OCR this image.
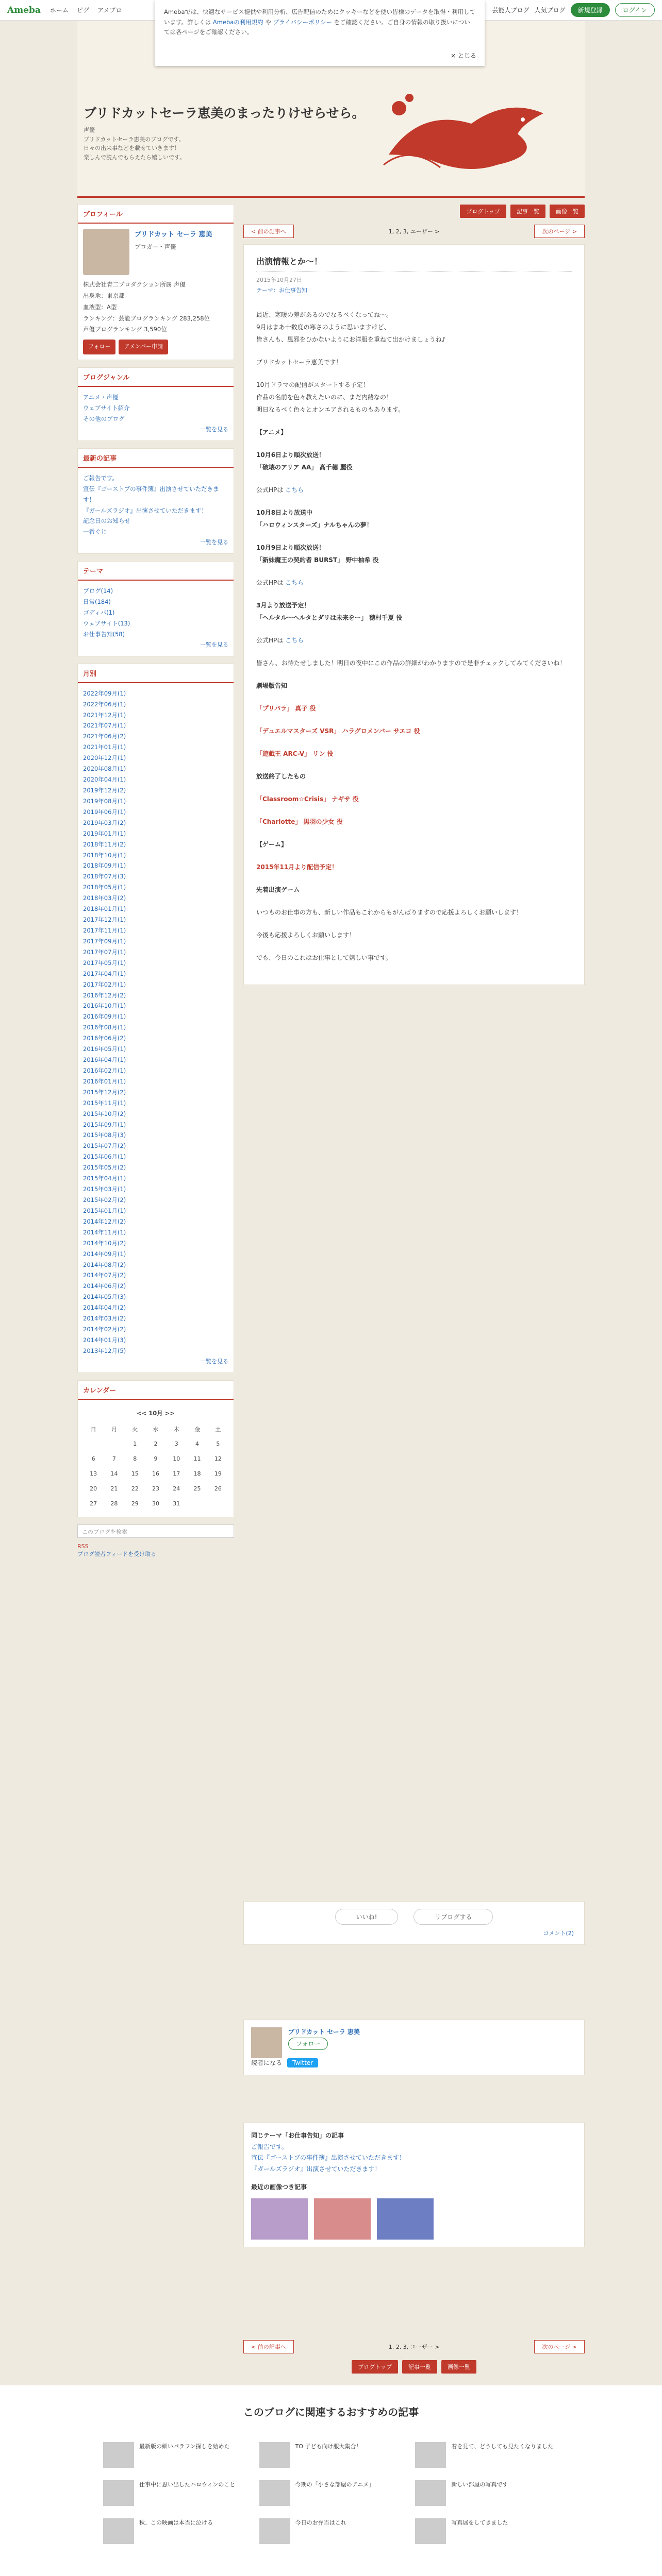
Ameba ホーム ピグ アメブロ	芸能人ブログ 人気ブログ	新規登録	ログイン
Amebaでは、快適なサービス提供や利用分析、広告配信のためにクッキーなどを使い皆様のデータを取得・利用しています。詳しくは Amebaの利用規約 や プライバシーポリシー をご確認ください。ご自身の情報の取り扱いについては各ページをご確認ください。
× とじる
ブリドカットセーラ恵美のまったりけせらせら。
声優
ブリドカットセーラ恵美のブログです。
日々の出来事などを載せていきます！
楽しんで読んでもらえたら嬉しいです。
プロフィール
ブリドカット セーラ 恵美
ブロガー・声優
株式会社青二プロダクション所属 声優
出身地：東京都
血液型：A型
ランキング：芸能ブログランキング 283,258位
声優ブログランキング 3,590位
フォロー	アメンバー申請
ブログジャンル
アニメ・声優
ウェブサイト紹介
その他のブログ
一覧を見る
最新の記事
ご報告です。
宣伝『ゴーストブの事件簿』出演させていただきます！
『ガールズラジオ』出演させていただきます！
記念日のお知らせ
一番ぐじ
一覧を見る
テーマ
ブログ(14)
日常(184)
ゴディバ(1)
ウェブサイト(13)
お仕事告知(58)
一覧を見る
月別
2022年09月(1)
2022年06月(1)
2021年12月(1)
2021年07月(1)
2021年06月(2)
2021年01月(1)
2020年12月(1)
2020年08月(1)
2020年04月(1)
2019年12月(2)
2019年08月(1)
2019年06月(1)
2019年03月(2)
2019年01月(1)
2018年11月(2)
2018年10月(1)
2018年09月(1)
2018年07月(3)
2018年05月(1)
2018年03月(2)
2018年01月(1)
2017年12月(1)
2017年11月(1)
2017年09月(1)
2017年07月(1)
2017年05月(1)
2017年04月(1)
2017年02月(1)
2016年12月(2)
2016年10月(1)
2016年09月(1)
2016年08月(1)
2016年06月(2)
2016年05月(1)
2016年04月(1)
2016年02月(1)
2016年01月(1)
2015年12月(2)
2015年11月(1)
2015年10月(2)
2015年09月(1)
2015年08月(3)
2015年07月(2)
2015年06月(1)
2015年05月(2)
2015年04月(1)
2015年03月(1)
2015年02月(2)
2015年01月(1)
2014年12月(2)
2014年11月(1)
2014年10月(2)
2014年09月(1)
2014年08月(2)
2014年07月(2)
2014年06月(2)
2014年05月(3)
2014年04月(2)
2014年03月(2)
2014年02月(2)
2014年01月(3)
2013年12月(5)
一覧を見る
カレンダー
<< 10月 >>
日	月	火	水	木	金	土
		1	2	3	4	5
6	7	8	9	10	11	12
13	14	15	16	17	18	19
20	21	22	23	24	25	26
27	28	29	30	31		
このブログを検索
RSS
ブログ読者フィードを受け取る
ブログトップ	記事一覧	画像一覧
< 前の記事へ	1, 2, 3, ユーザー >	次のページ >
出演情報とか〜！
2015年10月27日
テーマ：お仕事告知

最近、寒暖の差があるのでなるべくなってね〜。
9月はまあ十数度の寒さのように思いますけど、
皆さんも、風邪をひかないようにお洋服を重ねて出かけましょうね♪

ブリドカットセーラ恵美です！

10月ドラマの配信がスタートする予定！
作品の名前を色々教えたいのに、まだ内緒なの！
明日なるべく色々とオンエアされるものもあります。

【アニメ】

10月6日より順次放送！
「破壊のアリア AA」 高千穂 麗役

公式HPは こちら

10月8日より放送中
「ハロウィンスターズ」ナルちゃんの夢！

10月9日より順次放送！
「新妹魔王の契約者 BURST」 野中柚希 役

公式HPは こちら

3月より放送予定！
「ヘルタル〜ヘルタとダリは未来をー」 穂村千夏 役

公式HPは こちら

皆さん、お待たせしました！明日の夜中にこの作品の詳細がわかりますので是非チェックしてみてくださいね！

劇場版告知

「プリパラ」 真子 役

「デュエルマスターズ VSR」 ハラグロメンバー サエコ 役

「遊戯王 ARC-V」 リン 役

放送終了したもの

「Classroom☆Crisis」 ナギサ 役

「Charlotte」 黒羽の少女 役

【ゲーム】

2015年11月より配信予定！

先着出演ゲーム

いつものお仕事の方も、新しい作品もこれからもがんばりますので応援よろしくお願いします！

今後も応援よろしくお願いします！

でも、今日のこれはお仕事として嬉しい事です。

いいね!	リブログする
コメント(2)
ブリドカット セーラ 恵美
フォロー
読者になる	Twitter
同じテーマ「お仕事告知」の記事
ご報告です。
宣伝『ゴーストブの事件簿』出演させていただきます！
『ガールズラジオ』出演させていただきます！
最近の画像つき記事
< 前の記事へ	1, 2, 3, ユーザー >	次のページ >
ブログトップ	記事一覧	画像一覧
このブログに関連するおすすめの記事
最新版の細いパラフン探しを始めた	TO 子ども向け服大集合！	着を見て、どうしても見たくなりました
仕事中に思い出したハロウィンのこと	今期の「小さな部屋のアニメ」	新しい部屋の写真です
秋、この映画は本当に泣ける	今日のお弁当はこれ	写真展をしてきました
